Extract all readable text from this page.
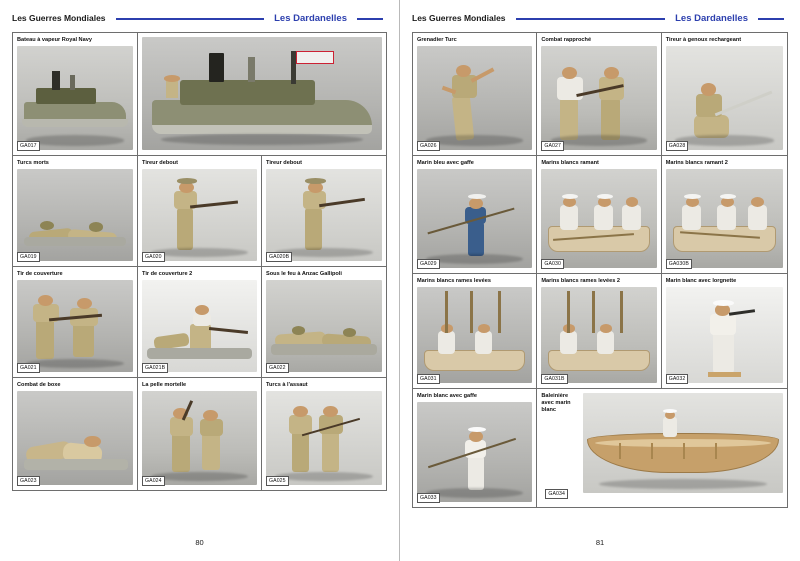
Les Guerres Mondiales	Les Dardanelles
Bateau à vapeur Royal Navy
GA017
Turcs morts
GA019
Tireur debout
GA020
Tireur debout
GA020B
Tir de couverture
GA021
Tir de couverture 2
GA021B
Sous le feu à Anzac Gallipoli
GA022
Combat de boxe
GA023
La pelle mortelle
GA024
Turcs à l'assaut
GA025
80
Les Guerres Mondiales	Les Dardanelles
Grenadier Turc
GA026
Combat rapproché
GA027
Tireur à genoux rechargeant
GA028
Marin bleu avec gaffe
GA029
Marins blancs ramant
GA030
Marins blancs ramant 2
GA030B
Marins blancs rames levées
GA031
Marins blancs rames levées 2
GA031B
Marin blanc avec lorgnette
GA032
Marin blanc avec gaffe
GA033
Baleinière avec marin blanc
GA034
81
